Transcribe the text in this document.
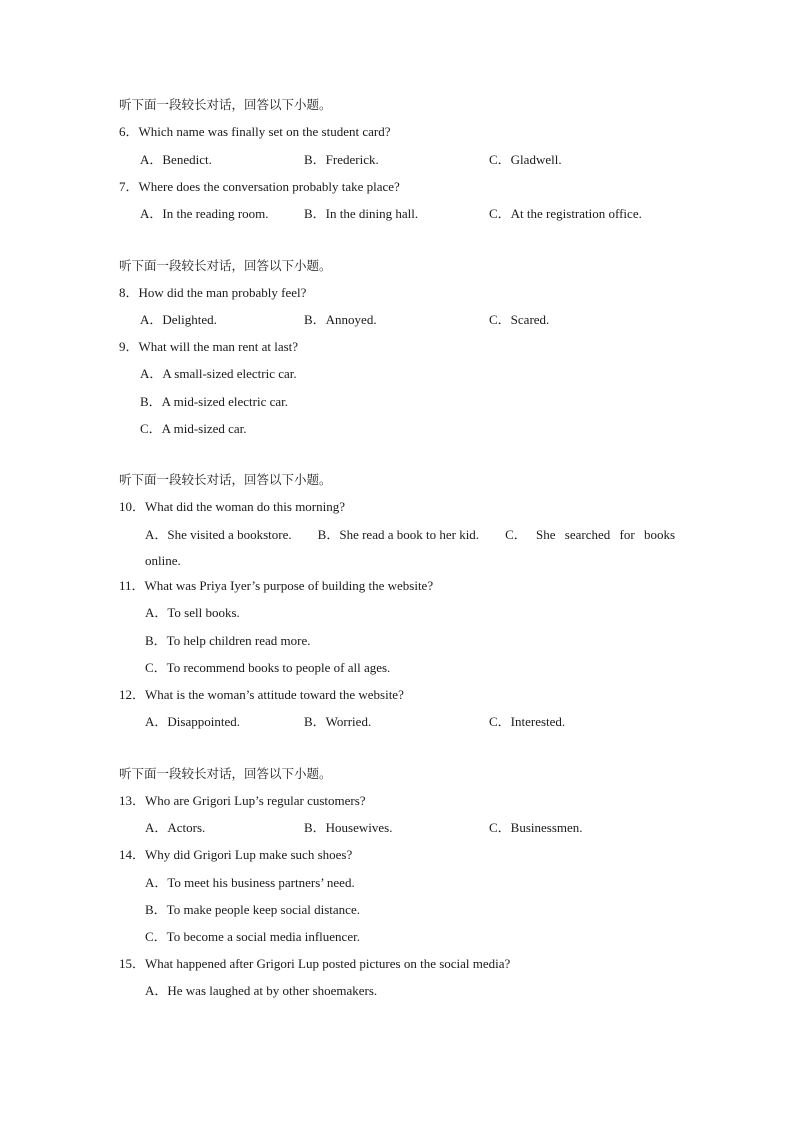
听下面一段较长对话，回答以下小题。
6．Which name was finally set on the student card?
A．Benedict.	B．Frederick.	C．Gladwell.
7．Where does the conversation probably take place?
A．In the reading room.	B．In the dining hall.	C．At the registration office.
听下面一段较长对话，回答以下小题。
8．How did the man probably feel?
A．Delighted.	B．Annoyed.	C．Scared.
9．What will the man rent at last?
A．A small-sized electric car.
B．A mid-sized electric car.
C．A mid-sized car.
听下面一段较长对话，回答以下小题。
10．What did the woman do this morning?
A．She visited a bookstore. B．She read a book to her kid. C． She searched for books
online.
11．What was Priya Iyer’s purpose of building the website?
A．To sell books.
B．To help children read more.
C．To recommend books to people of all ages.
12．What is the woman’s attitude toward the website?
A．Disappointed.	B．Worried.	C．Interested.
听下面一段较长对话，回答以下小题。
13．Who are Grigori Lup’s regular customers?
A．Actors.	B．Housewives.	C．Businessmen.
14．Why did Grigori Lup make such shoes?
A．To meet his business partners’ need.
B．To make people keep social distance.
C．To become a social media influencer.
15．What happened after Grigori Lup posted pictures on the social media?
A．He was laughed at by other shoemakers.
